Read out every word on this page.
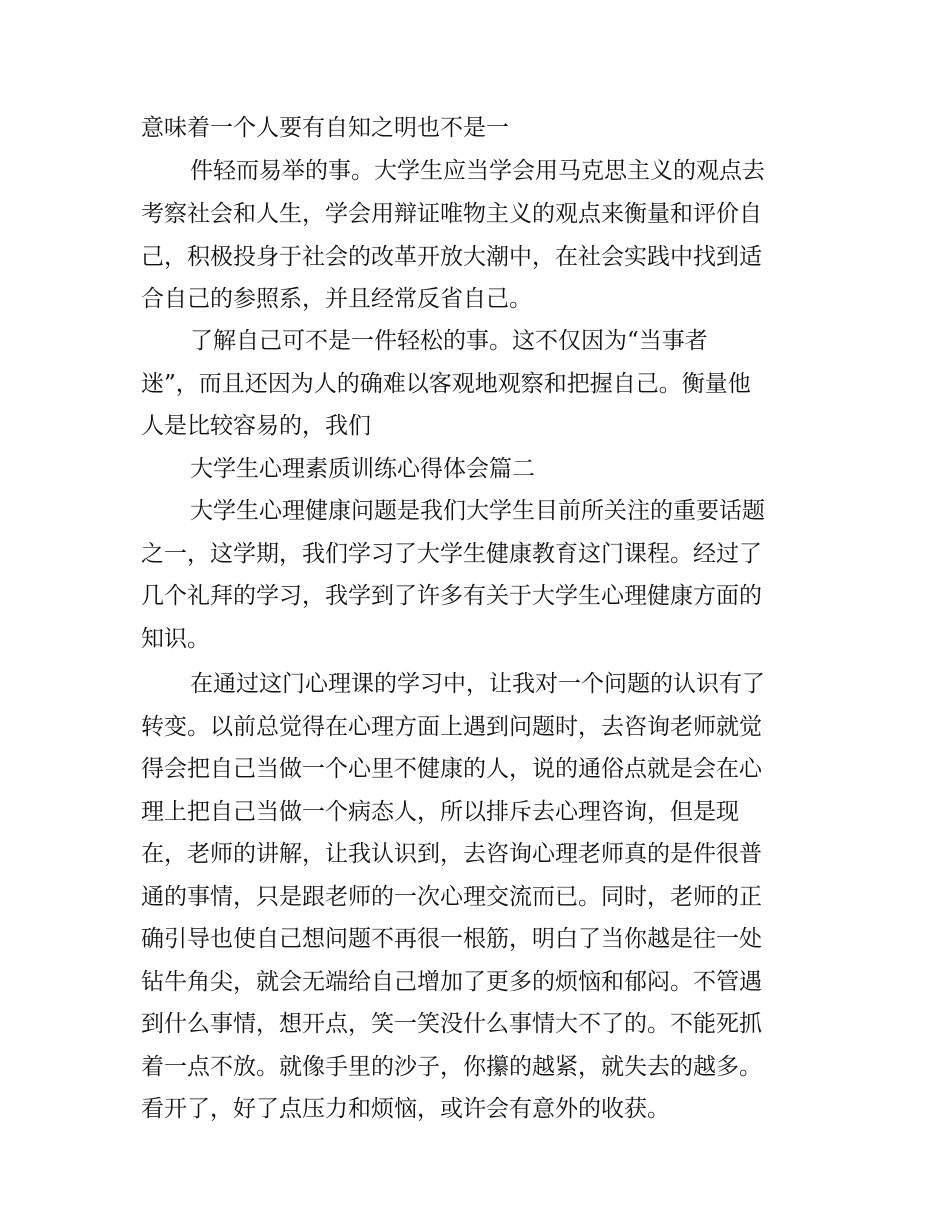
意味着一个人要有自知之明也不是一
件轻而易举的事。大学生应当学会用马克思主义的观点去
考察社会和人生，学会用辩证唯物主义的观点来衡量和评价自
己，积极投身于社会的改革开放大潮中，在社会实践中找到适
合自己的参照系，并且经常反省自己。
了解自己可不是一件轻松的事。这不仅因为“当事者
迷”，而且还因为人的确难以客观地观察和把握自己。衡量他
人是比较容易的，我们
大学生心理素质训练心得体会篇二
大学生心理健康问题是我们大学生目前所关注的重要话题
之一，这学期，我们学习了大学生健康教育这门课程。经过了
几个礼拜的学习，我学到了许多有关于大学生心理健康方面的
知识。
在通过这门心理课的学习中，让我对一个问题的认识有了
转变。以前总觉得在心理方面上遇到问题时，去咨询老师就觉
得会把自己当做一个心里不健康的人，说的通俗点就是会在心
理上把自己当做一个病态人，所以排斥去心理咨询，但是现
在，老师的讲解，让我认识到，去咨询心理老师真的是件很普
通的事情，只是跟老师的一次心理交流而已。同时，老师的正
确引导也使自己想问题不再很一根筋，明白了当你越是往一处
钻牛角尖，就会无端给自己增加了更多的烦恼和郁闷。不管遇
到什么事情，想开点，笑一笑没什么事情大不了的。不能死抓
着一点不放。就像手里的沙子，你攥的越紧，就失去的越多。
看开了，好了点压力和烦恼，或许会有意外的收获。
